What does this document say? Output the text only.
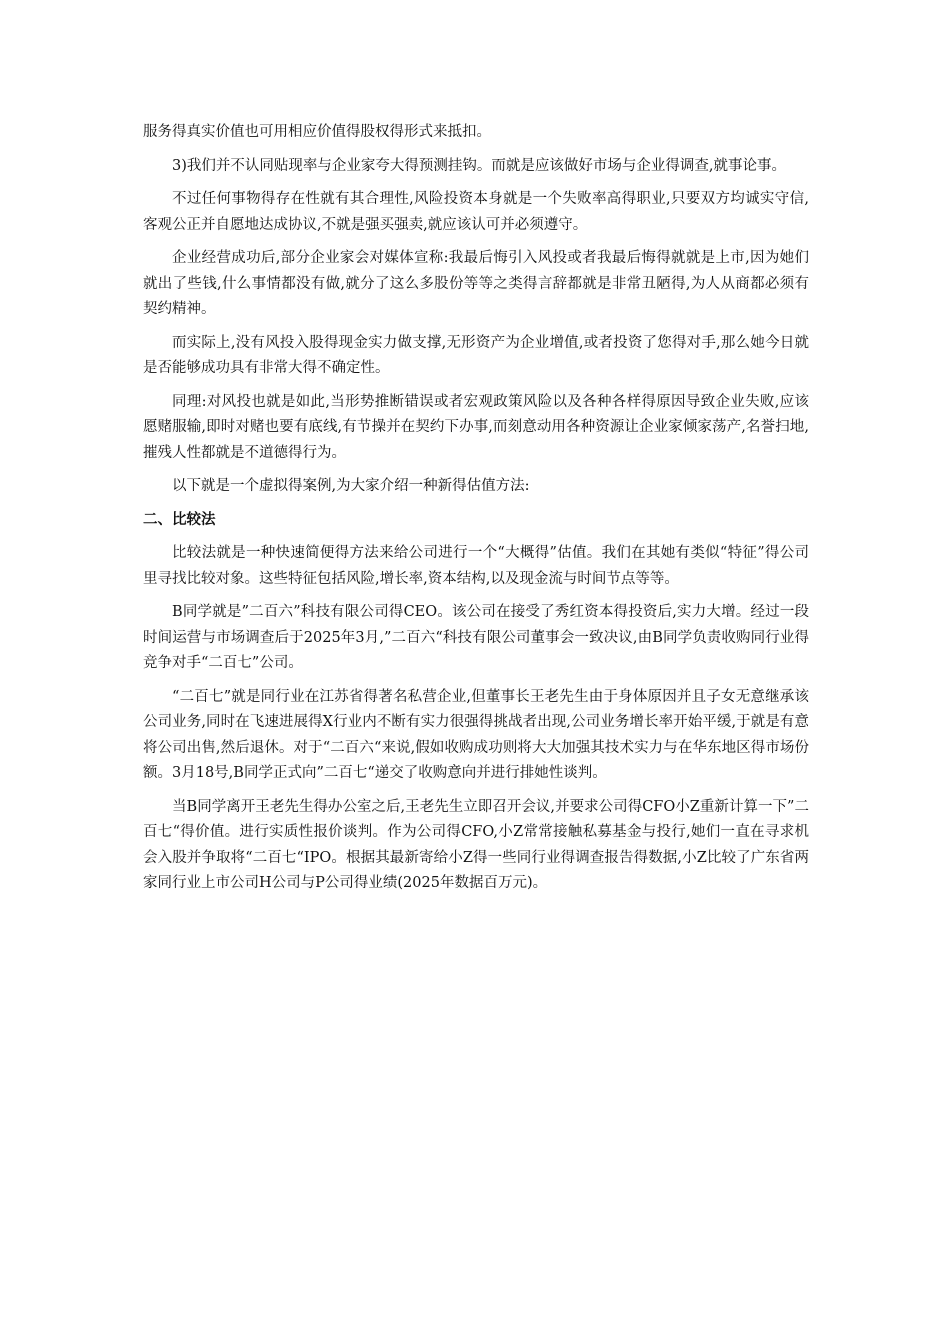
服务得真实价值也可用相应价值得股权得形式来抵扣。

3)我们并不认同贴现率与企业家夸大得预测挂钩。而就是应该做好市场与企业得调查,就事论事。

不过任何事物得存在性就有其合理性,风险投资本身就是一个失败率高得职业,只要双方均诚实守信,客观公正并自愿地达成协议,不就是强买强卖,就应该认可并必须遵守。

企业经营成功后,部分企业家会对媒体宣称:我最后悔引入风投或者我最后悔得就就是上市,因为她们就出了些钱,什么事情都没有做,就分了这么多股份等等之类得言辞都就是非常丑陋得,为人从商都必须有契约精神。

而实际上,没有风投入股得现金实力做支撑,无形资产为企业增值,或者投资了您得对手,那么她今日就是否能够成功具有非常大得不确定性。

同理:对风投也就是如此,当形势推断错误或者宏观政策风险以及各种各样得原因导致企业失败,应该愿赌服输,即时对赌也要有底线,有节操并在契约下办事,而刻意动用各种资源让企业家倾家荡产,名誉扫地,摧残人性都就是不道德得行为。

以下就是一个虚拟得案例,为大家介绍一种新得估值方法:

二、比较法

比较法就是一种快速简便得方法来给公司进行一个“大概得”估值。我们在其她有类似“特征”得公司里寻找比较对象。这些特征包括风险,增长率,资本结构,以及现金流与时间节点等等。

B同学就是”二百六”科技有限公司得CEO。该公司在接受了秀红资本得投资后,实力大增。经过一段时间运营与市场调查后于2025年3月,”二百六“科技有限公司董事会一致决议,由B同学负责收购同行业得竞争对手“二百七”公司。

“二百七”就是同行业在江苏省得著名私营企业,但董事长王老先生由于身体原因并且子女无意继承该公司业务,同时在飞速进展得X行业内不断有实力很强得挑战者出现,公司业务增长率开始平缓,于就是有意将公司出售,然后退休。对于“二百六“来说,假如收购成功则将大大加强其技术实力与在华东地区得市场份额。3月18号,B同学正式向”二百七“递交了收购意向并进行排她性谈判。

当B同学离开王老先生得办公室之后,王老先生立即召开会议,并要求公司得CFO小Z重新计算一下”二百七“得价值。进行实质性报价谈判。作为公司得CFO,小Z常常接触私募基金与投行,她们一直在寻求机会入股并争取将“二百七“IPO。根据其最新寄给小Z得一些同行业得调查报告得数据,小Z比较了广东省两家同行业上市公司H公司与P公司得业绩(2025年数据百万元)。
